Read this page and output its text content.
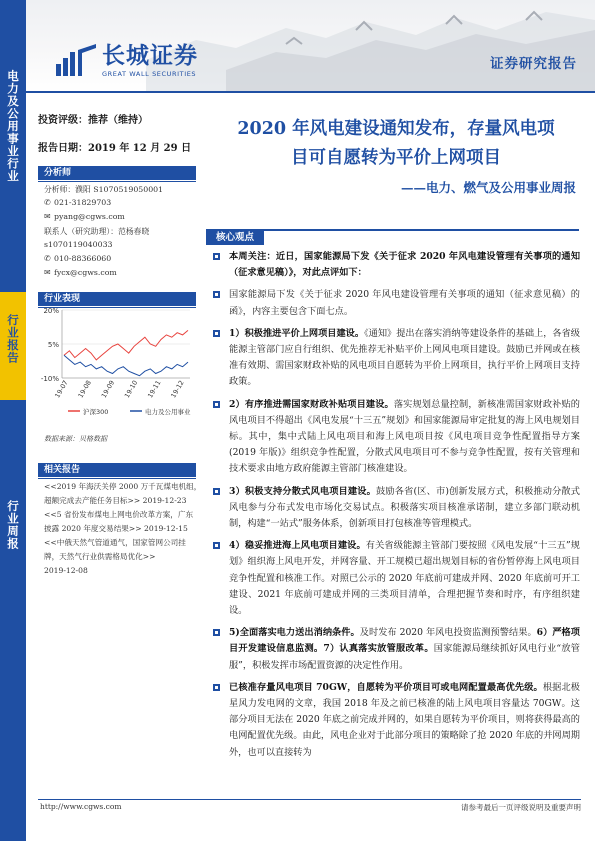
电力及公用事业行业
行业报告
行业周报
长城证券
GREAT WALL SECURITIES
证券研究报告
投资评级：推荐（维持）
报告日期：2019 年 12 月 29 日
分析师
分析师：濮阳 S1070519050001
✆ 021-31829703
✉ pyang@cgws.com
联系人（研究助理）：范杨春晓
s1070119040033
✆ 010-88366060
✉ fycx@cgws.com
行业表现
20%
5%
-10%
19-07 19-08 19-09 19-10 19-11 19-12
沪深300	电力及公用事业
数据来源：贝格数据
相关报告
<<2019 年海沃关停 2000 万千瓦煤电机组，
超额完成去产能任务目标>> 2019-12-23
<<5 省份发布煤电上网电价改革方案，广东
披露 2020 年度交易结果>> 2019-12-15
<<中俄天然气管道通气，国家管网公司挂
牌，天然气行业供需格局优化>>
2019-12-08
2020 年风电建设通知发布，存量风电项
目可自愿转为平价上网项目
——电力、燃气及公用事业周报
核心观点
本周关注：近日，国家能源局下发《关于征求 2020 年风电建设管理有关事项的通知（征求意见稿）》，对此点评如下：
国家能源局下发《关于征求 2020 年风电建设管理有关事项的通知（征求意见稿）的函》，内容主要包含下面七点。
1）积极推进平价上网项目建设。《通知》提出在落实消纳等建设条件的基础上，各省级能源主管部门应自行组织、优先推荐无补贴平价上网风电项目建设。鼓励已并网或在核准有效期、需国家财政补贴的风电项目自愿转为平价上网项目，执行平价上网项目支持政策。
2）有序推进需国家财政补贴项目建设。落实规划总量控制，新核准需国家财政补贴的风电项目不得超出《风电发展“十三五”规划》和国家能源局审定批复的海上风电规划目标。其中，集中式陆上风电项目和海上风电项目按《风电项目竞争性配置指导方案(2019 年版)》组织竞争性配置，分散式风电项目可不参与竞争性配置，按有关管理和技术要求由地方政府能源主管部门核准建设。
3）积极支持分散式风电项目建设。鼓励各省(区、市)创新发展方式，积极推动分散式风电参与分布式发电市场化交易试点。积极落实项目核准承诺制，建立多部门联动机制，构建“一站式”服务体系，创新项目打包核准等管理模式。
4）稳妥推进海上风电项目建设。有关省级能源主管部门要按照《风电发展“十三五”规划》组织海上风电开发，并网容量、开工规模已超出规划目标的省份暂停海上风电项目竞争性配置和核准工作。对照已公示的 2020 年底前可建成并网、2020 年底前可开工建设、2021 年底前可建成并网的三类项目清单，合理把握节奏和时序，有序组织建设。
5)全面落实电力送出消纳条件。及时发布 2020 年风电投资监测预警结果。6）严格项目开发建设信息监测。7）认真落实放管服改革。国家能源局继续抓好风电行业“放管服”，积极发挥市场配置资源的决定性作用。
已核准存量风电项目 70GW，自愿转为平价项目可或电网配置最高优先级。根据北极星风力发电网的文章，我国 2018 年及之前已核准的陆上风电项目容量达 70GW。这部分项目无法在 2020 年底之前完成并网的，如果自愿转为平价项目，则将获得最高的电网配置优先级。由此，风电企业对于此部分项目的策略除了抢 2020 年底的并网周期外，也可以直接转为
http://www.cgws.com	请参考最后一页评级说明及重要声明
